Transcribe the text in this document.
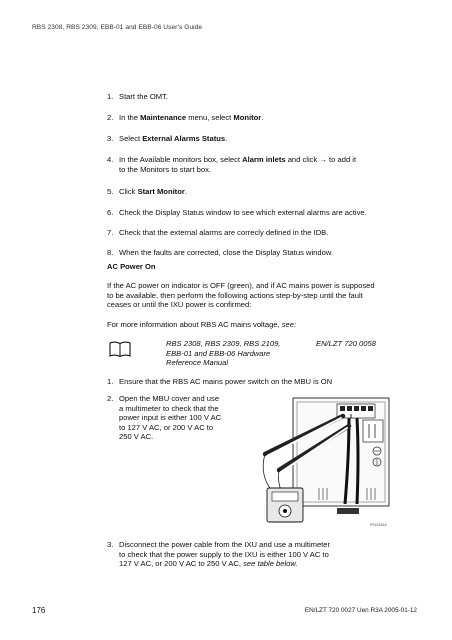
RBS 2308, RBS 2309, EBB-01 and EBB-06 User’s Guide
1. Start the OMT.
2. In the Maintenance menu, select Monitor.
3. Select External Alarms Status.
4. In the Available monitors box, select Alarm inlets and click → to add it
to the Monitors to start box.
5. Click Start Monitor.
6. Check the Display Status window to see which external alarms are active.
7. Check that the external alarms are correcly defined in the IDB.
8. When the faults are corrected, close the Display Status window.
AC Power On
If the AC power on indicator is OFF (green), and if AC mains power is supposed
to be available, then perform the following actions step-by-step until the fault
ceases or until the IXU power is confirmed:
For more information about RBS AC mains voltage, see:
RBS 2308, RBS 2309, RBS 2109,
EBB-01 and EBB-06 Hardware
Reference Manual
EN/LZT 720 0058
1. Ensure that the RBS AC mains power switch on the MBU is ON
2. Open the MBU cover and use
a multimeter to check that the
power input is either 100 V AC
to 127 V AC, or 200 V AC to
250 V AC.
P010454A
3. Disconnect the power cable from the IXU and use a multimeter
to check that the power supply to the IXU is either 100 V AC to
127 V AC, or 200 V AC to 250 V AC, see table below.
176	EN/LZT 720 0027 Uen R3A 2005-01-12
